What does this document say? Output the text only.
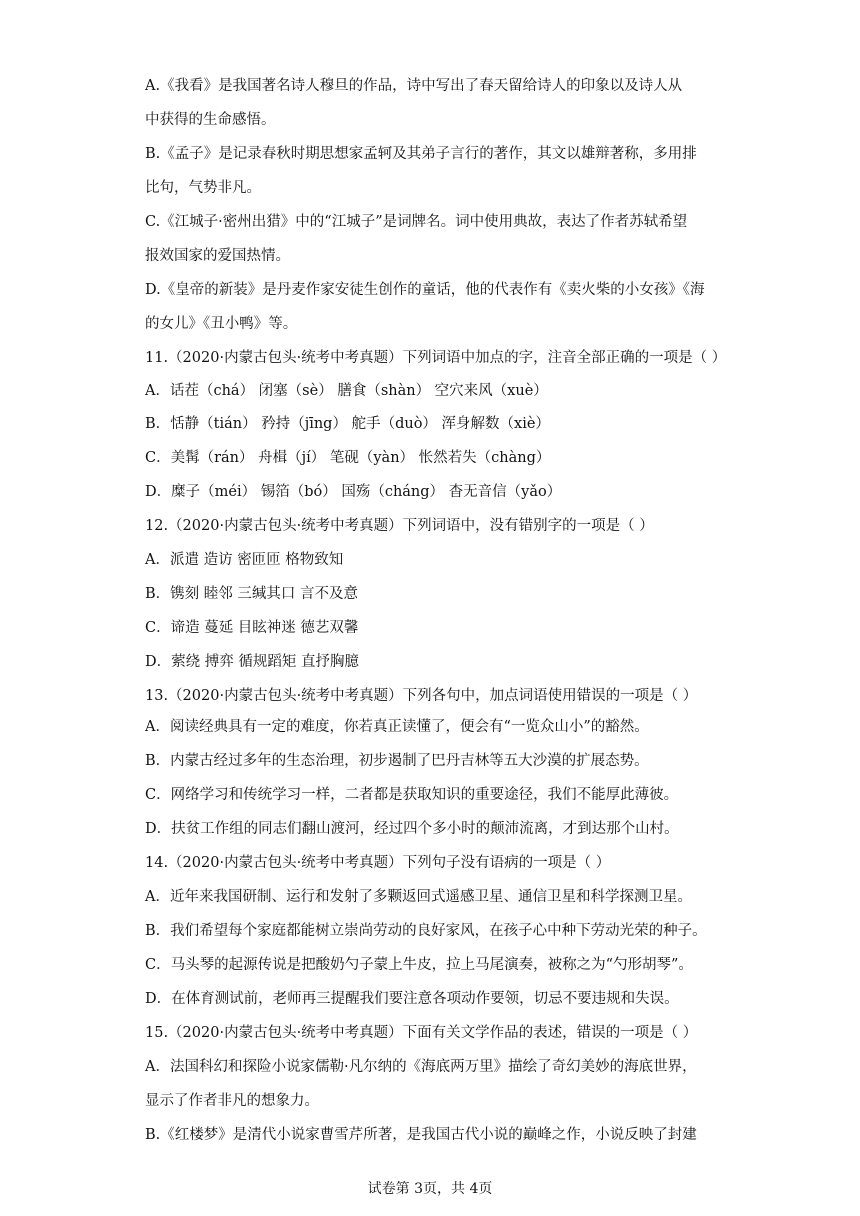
A.《我看》是我国著名诗人穆旦的作品，诗中写出了春天留给诗人的印象以及诗人从
中获得的生命感悟。
B.《孟子》是记录春秋时期思想家孟轲及其弟子言行的著作，其文以雄辩著称，多用排
比句，气势非凡。
C.《江城子·密州出猎》中的“江城子”是词牌名。词中使用典故，表达了作者苏轼希望
报效国家的爱国热情。
D.《皇帝的新装》是丹麦作家安徒生创作的童话，他的代表作有《卖火柴的小女孩》《海
的女儿》《丑小鸭》等。
11.（2020·内蒙古包头·统考中考真题）下列词语中加点的字，注音全部正确的一项是（ ）
A．话茬（chá） 闭塞（sè） 膳食（shàn） 空穴来风（xuè）
B．恬静（tián） 矜持（jīng） 舵手（duò） 浑身解数（xiè）
C．美髯（rán） 舟楫（jí） 笔砚（yàn） 怅然若失（chàng）
D．糜子（méi） 锡箔（bó） 国殇（cháng） 杳无音信（yǎo）
12.（2020·内蒙古包头·统考中考真题）下列词语中，没有错别字的一项是（ ）
A．派遣 造访 密匝匝 格物致知
B．镌刻 睦邻 三缄其口 言不及意
C．谛造 蔓延 目眩神迷 德艺双馨
D．萦绕 搏弈 循规蹈矩 直抒胸臆
13.（2020·内蒙古包头·统考中考真题）下列各句中，加点词语使用错误的一项是（ ）
A．阅读经典具有一定的难度，你若真正读懂了，便会有“一览众山小”的豁然。
B．内蒙古经过多年的生态治理，初步遏制了巴丹吉林等五大沙漠的扩展态势。
C．网络学习和传统学习一样，二者都是获取知识的重要途径，我们不能厚此薄彼。
D．扶贫工作组的同志们翻山渡河，经过四个多小时的颠沛流离，才到达那个山村。
14.（2020·内蒙古包头·统考中考真题）下列句子没有语病的一项是（ ）
A．近年来我国研制、运行和发射了多颗返回式遥感卫星、通信卫星和科学探测卫星。
B．我们希望每个家庭都能树立崇尚劳动的良好家风，在孩子心中种下劳动光荣的种子。
C．马头琴的起源传说是把酸奶勺子蒙上牛皮，拉上马尾演奏，被称之为“勺形胡琴”。
D．在体育测试前，老师再三提醒我们要注意各项动作要领，切忌不要违规和失误。
15.（2020·内蒙古包头·统考中考真题）下面有关文学作品的表述，错误的一项是（ ）
A．法国科幻和探险小说家儒勒·凡尔纳的《海底两万里》描绘了奇幻美妙的海底世界，
显示了作者非凡的想象力。
B.《红楼梦》是清代小说家曹雪芹所著，是我国古代小说的巅峰之作，小说反映了封建
试卷第 3页，共 4页
